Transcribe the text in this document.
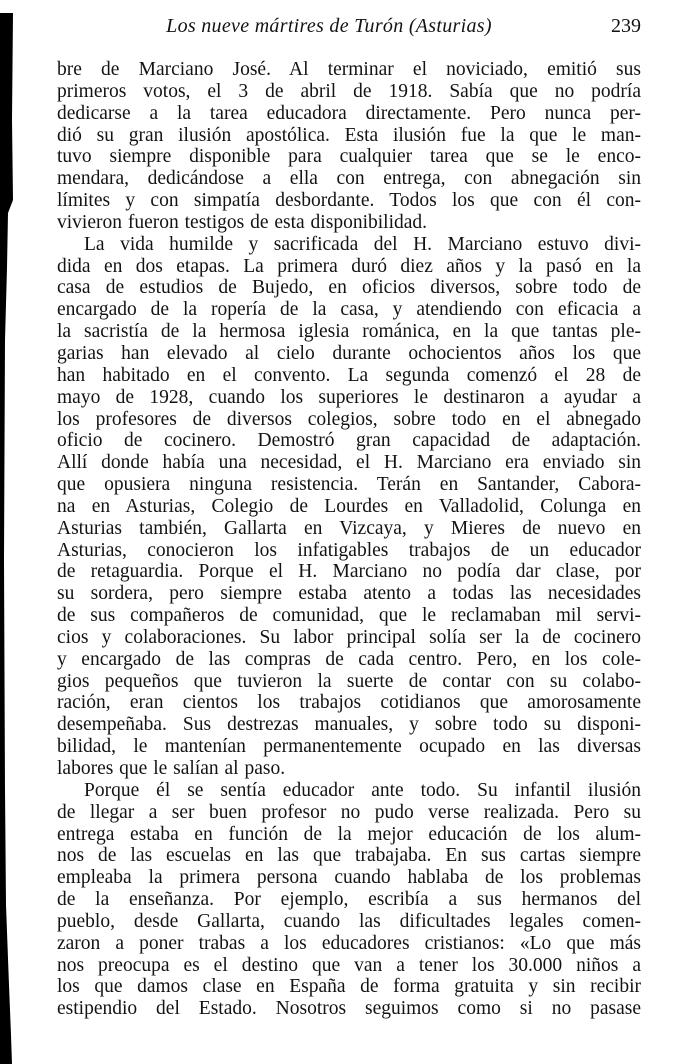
Los nueve mártires de Turón (Asturias)	239

bre de Marciano José. Al terminar el noviciado, emitió sus
primeros votos, el 3 de abril de 1918. Sabía que no podría
dedicarse a la tarea educadora directamente. Pero nunca per-
dió su gran ilusión apostólica. Esta ilusión fue la que le man-
tuvo siempre disponible para cualquier tarea que se le enco-
mendara, dedicándose a ella con entrega, con abnegación sin
límites y con simpatía desbordante. Todos los que con él con-
vivieron fueron testigos de esta disponibilidad.

La vida humilde y sacrificada del H. Marciano estuvo divi-
dida en dos etapas. La primera duró diez años y la pasó en la
casa de estudios de Bujedo, en oficios diversos, sobre todo de
encargado de la ropería de la casa, y atendiendo con eficacia a
la sacristía de la hermosa iglesia románica, en la que tantas ple-
garias han elevado al cielo durante ochocientos años los que
han habitado en el convento. La segunda comenzó el 28 de
mayo de 1928, cuando los superiores le destinaron a ayudar a
los profesores de diversos colegios, sobre todo en el abnegado
oficio de cocinero. Demostró gran capacidad de adaptación.
Allí donde había una necesidad, el H. Marciano era enviado sin
que opusiera ninguna resistencia. Terán en Santander, Cabora-
na en Asturias, Colegio de Lourdes en Valladolid, Colunga en
Asturias también, Gallarta en Vizcaya, y Mieres de nuevo en
Asturias, conocieron los infatigables trabajos de un educador
de retaguardia. Porque el H. Marciano no podía dar clase, por
su sordera, pero siempre estaba atento a todas las necesidades
de sus compañeros de comunidad, que le reclamaban mil servi-
cios y colaboraciones. Su labor principal solía ser la de cocinero
y encargado de las compras de cada centro. Pero, en los cole-
gios pequeños que tuvieron la suerte de contar con su colabo-
ración, eran cientos los trabajos cotidianos que amorosamente
desempeñaba. Sus destrezas manuales, y sobre todo su disponi-
bilidad, le mantenían permanentemente ocupado en las diversas
labores que le salían al paso.

Porque él se sentía educador ante todo. Su infantil ilusión
de llegar a ser buen profesor no pudo verse realizada. Pero su
entrega estaba en función de la mejor educación de los alum-
nos de las escuelas en las que trabajaba. En sus cartas siempre
empleaba la primera persona cuando hablaba de los problemas
de la enseñanza. Por ejemplo, escribía a sus hermanos del
pueblo, desde Gallarta, cuando las dificultades legales comen-
zaron a poner trabas a los educadores cristianos: «Lo que más
nos preocupa es el destino que van a tener los 30.000 niños a
los que damos clase en España de forma gratuita y sin recibir
estipendio del Estado. Nosotros seguimos como si no pasase
